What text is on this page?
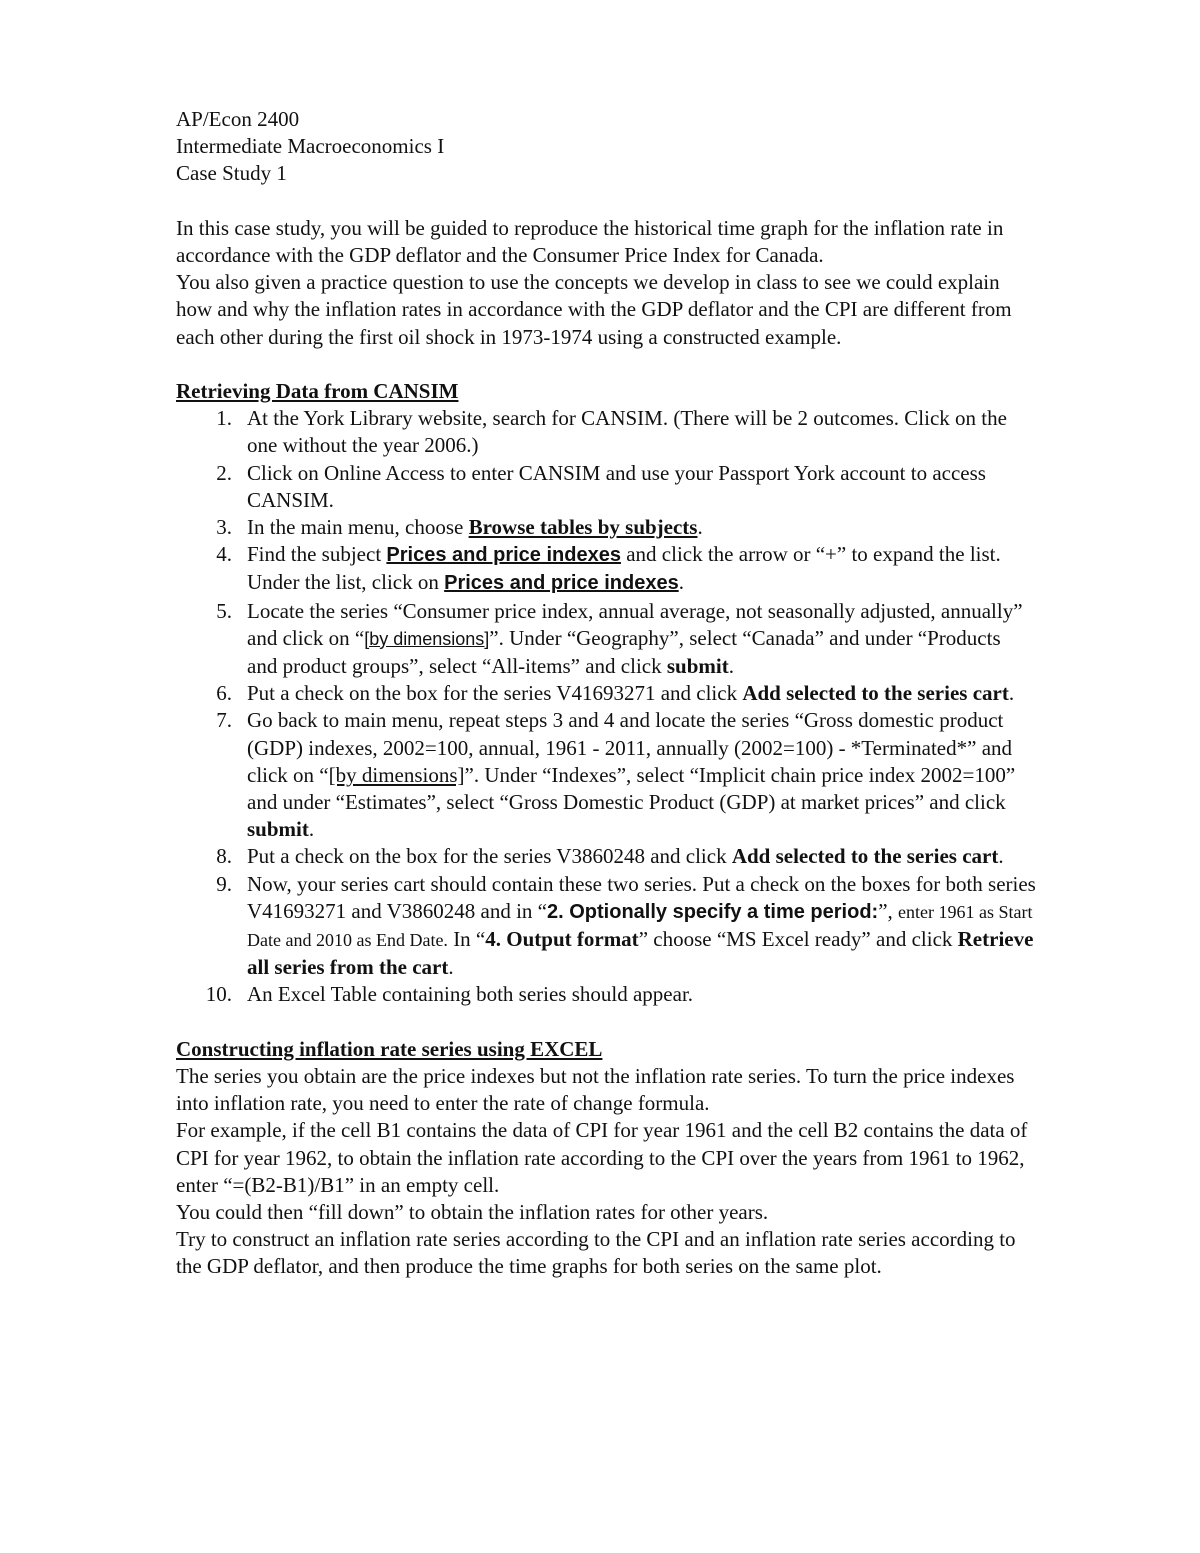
AP/Econ 2400

Intermediate Macroeconomics I

Case Study 1

In this case study, you will be guided to reproduce the historical time graph for the inflation rate in accordance with the GDP deflator and the Consumer Price Index for Canada.

You also given a practice question to use the concepts we develop in class to see we could explain how and why the inflation rates in accordance with the GDP deflator and the CPI are different from each other during the first oil shock in 1973-1974 using a constructed example.

Retrieving Data from CANSIM

1. At the York Library website, search for CANSIM. (There will be 2 outcomes. Click on the one without the year 2006.)
2. Click on Online Access to enter CANSIM and use your Passport York account to access CANSIM.
3. In the main menu, choose Browse tables by subjects.
4. Find the subject Prices and price indexes and click the arrow or “+” to expand the list. Under the list, click on Prices and price indexes.
5. Locate the series “Consumer price index, annual average, not seasonally adjusted, annually” and click on “[by dimensions]”. Under “Geography”, select “Canada” and under “Products and product groups”, select “All-items” and click submit.
6. Put a check on the box for the series V41693271 and click Add selected to the series cart.
7. Go back to main menu, repeat steps 3 and 4 and locate the series “Gross domestic product (GDP) indexes, 2002=100, annual, 1961 - 2011, annually (2002=100) - *Terminated*” and click on “[by dimensions]”. Under “Indexes”, select “Implicit chain price index 2002=100” and under “Estimates”, select “Gross Domestic Product (GDP) at market prices” and click submit.
8. Put a check on the box for the series V3860248 and click Add selected to the series cart.
9. Now, your series cart should contain these two series. Put a check on the boxes for both series V41693271 and V3860248 and in “2. Optionally specify a time period:”, enter 1961 as Start Date and 2010 as End Date. In “4. Output format” choose “MS Excel ready” and click Retrieve all series from the cart.
10. An Excel Table containing both series should appear.

Constructing inflation rate series using EXCEL

The series you obtain are the price indexes but not the inflation rate series. To turn the price indexes into inflation rate, you need to enter the rate of change formula.

For example, if the cell B1 contains the data of CPI for year 1961 and the cell B2 contains the data of CPI for year 1962, to obtain the inflation rate according to the CPI over the years from 1961 to 1962, enter “=(B2-B1)/B1” in an empty cell.

You could then “fill down” to obtain the inflation rates for other years.

Try to construct an inflation rate series according to the CPI and an inflation rate series according to the GDP deflator, and then produce the time graphs for both series on the same plot.
